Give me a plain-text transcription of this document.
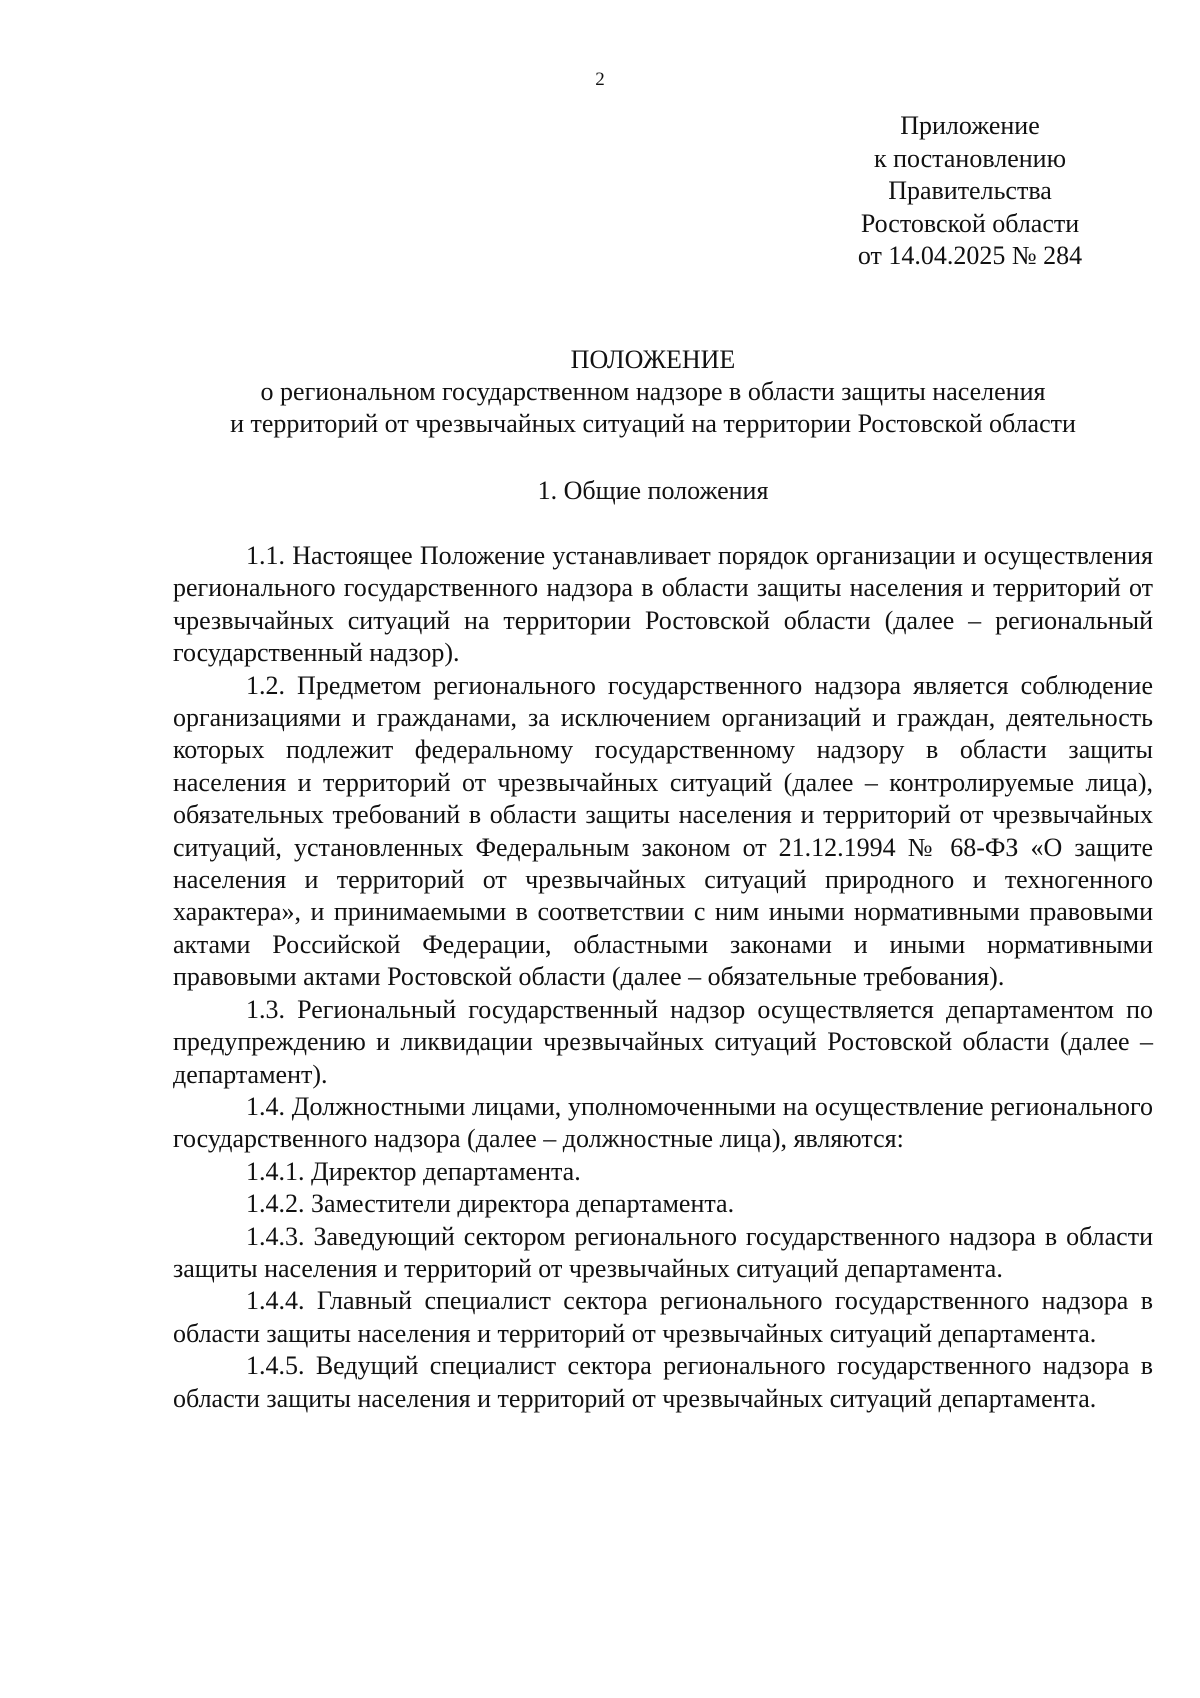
2
Приложение
к постановлению
Правительства
Ростовской области
от 14.04.2025 № 284
ПОЛОЖЕНИЕ
о региональном государственном надзоре в области защиты населения
и территорий от чрезвычайных ситуаций на территории Ростовской области
1. Общие положения

1.1. Настоящее Положение устанавливает порядок организации и осуществления регионального государственного надзора в области защиты населения и территорий от чрезвычайных ситуаций на территории Ростовской области (далее – региональный государственный надзор).

1.2. Предметом регионального государственного надзора является соблюдение организациями и гражданами, за исключением организаций и граждан, деятельность которых подлежит федеральному государственному надзору в области защиты населения и территорий от чрезвычайных ситуаций (далее – контролируемые лица), обязательных требований в области защиты населения и территорий от чрезвычайных ситуаций, установленных Федеральным законом от 21.12.1994 № 68-ФЗ «О защите населения и территорий от чрезвычайных ситуаций природного и техногенного характера», и принимаемыми в соответствии с ним иными нормативными правовыми актами Российской Федерации, областными законами и иными нормативными правовыми актами Ростовской области (далее – обязательные требования).

1.3. Региональный государственный надзор осуществляется департаментом по предупреждению и ликвидации чрезвычайных ситуаций Ростовской области (далее – департамент).

1.4. Должностными лицами, уполномоченными на осуществление регионального государственного надзора (далее – должностные лица), являются:

1.4.1. Директор департамента.

1.4.2. Заместители директора департамента.

1.4.3. Заведующий сектором регионального государственного надзора в области защиты населения и территорий от чрезвычайных ситуаций департамента.

1.4.4. Главный специалист сектора регионального государственного надзора в области защиты населения и территорий от чрезвычайных ситуаций департамента.

1.4.5. Ведущий специалист сектора регионального государственного надзора в области защиты населения и территорий от чрезвычайных ситуаций департамента.
